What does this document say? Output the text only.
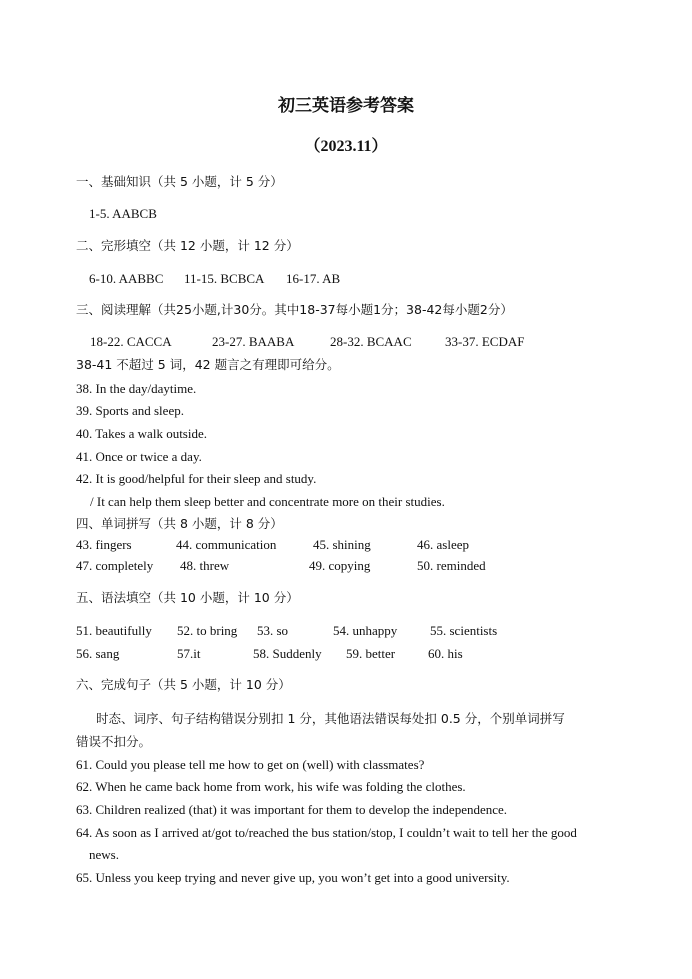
初三英语参考答案
（2023.11）
一、基础知识（共 5 小题，计 5 分）
1-5. AABCB
二、完形填空（共 12 小题，计 12 分）
6-10. AABBC 11-15. BCBCA 16-17. AB
三、阅读理解（共25小题,计30分。其中18-37每小题1分；38-42每小题2分）
18-22. CACCA	23-27. BAABA	28-32. BCAAC	33-37. ECDAF
38-41 不超过 5 词，42 题言之有理即可给分。
38. In the day/daytime.
39. Sports and sleep.
40. Takes a walk outside.
41. Once or twice a day.
42. It is good/helpful for their sleep and study.
/ It can help them sleep better and concentrate more on their studies.
四、单词拼写（共 8 小题，计 8 分）
43. fingers	44. communication	45. shining	46. asleep
47. completely 48. threw	49. copying	50. reminded
五、语法填空（共 10 小题，计 10 分）
51. beautifully 52. to bring 53. so	54. unhappy	55. scientists
56. sang	57.it	58. Suddenly 59. better	60. his
六、完成句子（共 5 小题，计 10 分）
时态、词序、句子结构错误分别扣 1 分，其他语法错误每处扣 0.5 分，个别单词拼写
错误不扣分。
61. Could you please tell me how to get on (well) with classmates?
62. When he came back home from work, his wife was folding the clothes.
63. Children realized (that) it was important for them to develop the independence.
64. As soon as I arrived at/got to/reached the bus station/stop, I couldn’t wait to tell her the good
news.
65. Unless you keep trying and never give up, you won’t get into a good university.
